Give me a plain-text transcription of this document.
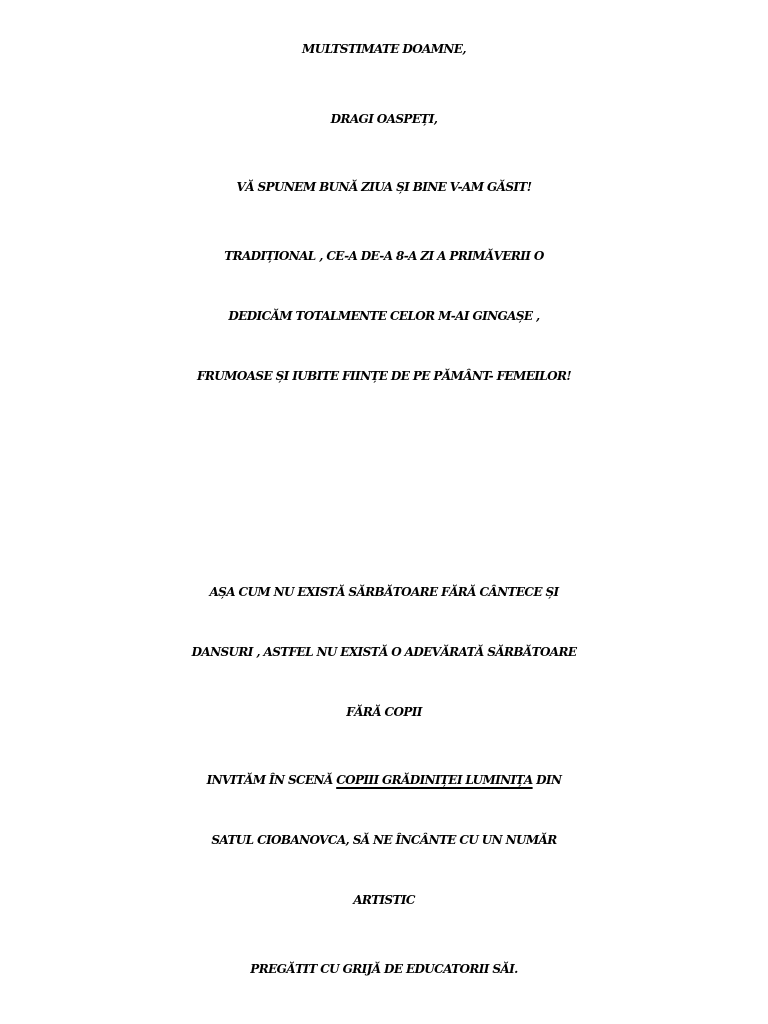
MULTSTIMATE DOAMNE,
DRAGI OASPEȚI,
VĂ SPUNEM BUNĂ ZIUA ȘI BINE V-AM GĂSIT!
TRADIȚIONAL , CE-A DE-A 8-A ZI A PRIMĂVERII O
DEDICĂM TOTALMENTE CELOR M-AI GINGAȘE ,
FRUMOASE ȘI IUBITE FIINȚE DE PE PĂMÂNT- FEMEILOR!
AȘA CUM NU EXISTĂ SĂRBĂTOARE FĂRĂ CÂNTECE ȘI
DANSURI , ASTFEL NU EXISTĂ O ADEVĂRATĂ SĂRBĂTOARE
FĂRĂ COPII
INVITĂM ÎN SCENĂ COPIII GRĂDINIȚEI LUMINIȚA DIN
SATUL CIOBANOVCA, SĂ NE ÎNCÂNTE CU UN NUMĂR
ARTISTIC
PREGĂTIT CU GRIJĂ DE EDUCATORII SĂI.
